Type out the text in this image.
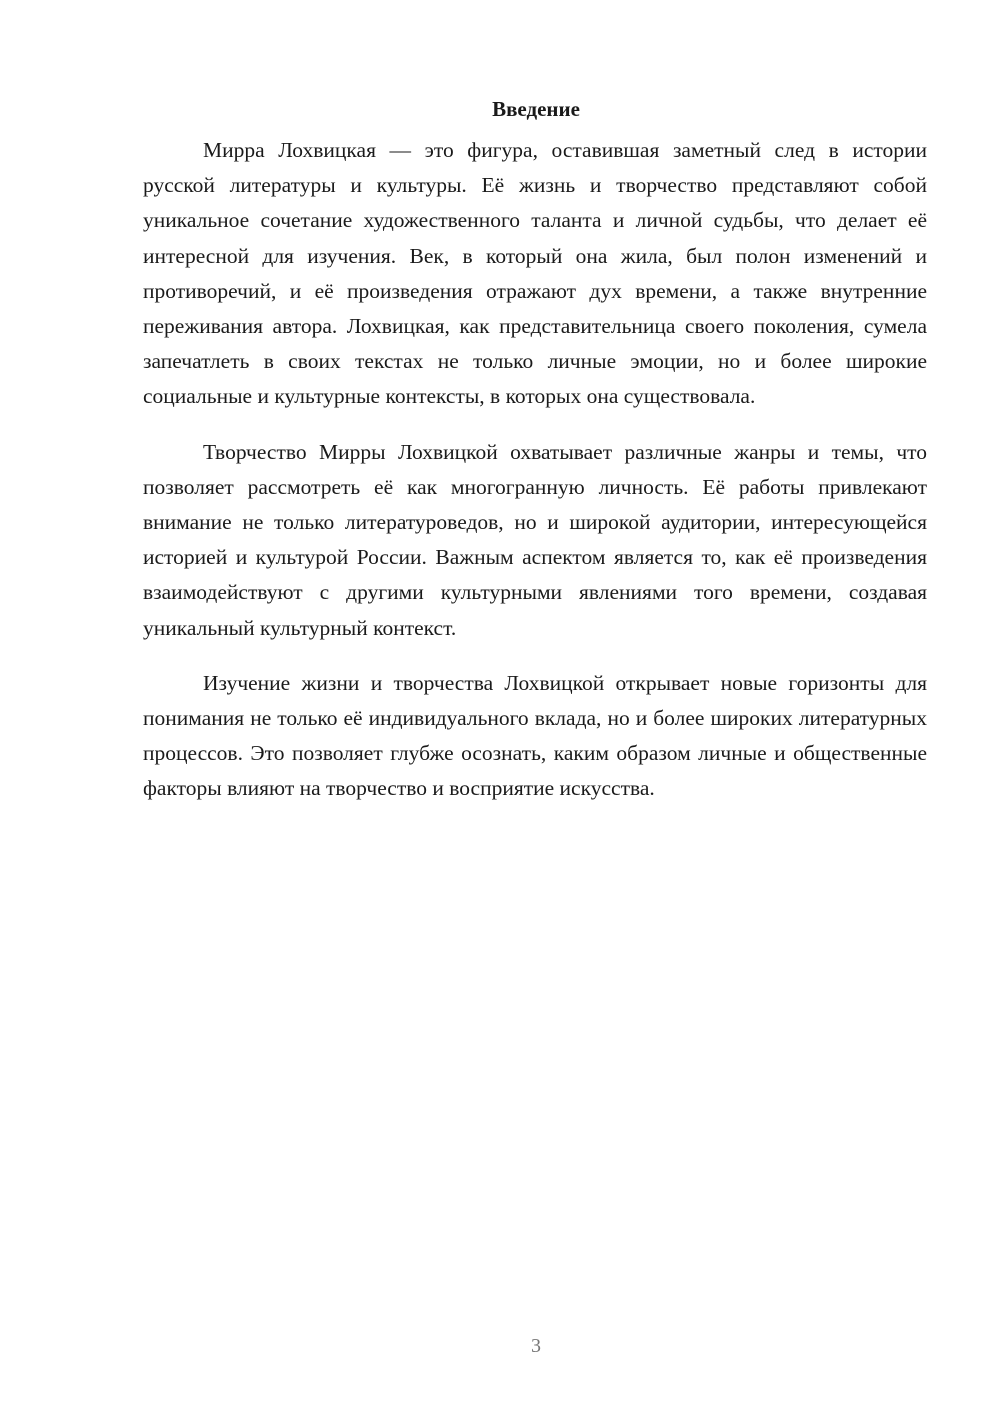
Введение

Мирра Лохвицкая — это фигура, оставившая заметный след в истории русской литературы и культуры. Её жизнь и творчество представляют собой уникальное сочетание художественного таланта и личной судьбы, что делает её интересной для изучения. Век, в который она жила, был полон изменений и противоречий, и её произведения отражают дух времени, а также внутренние переживания автора. Лохвицкая, как представительница своего поколения, сумела запечатлеть в своих текстах не только личные эмоции, но и более широкие социальные и культурные контексты, в которых она существовала.

Творчество Мирры Лохвицкой охватывает различные жанры и темы, что позволяет рассмотреть её как многогранную личность. Её работы привлекают внимание не только литературоведов, но и широкой аудитории, интересующейся историей и культурой России. Важным аспектом является то, как её произведения взаимодействуют с другими культурными явлениями того времени, создавая уникальный культурный контекст.

Изучение жизни и творчества Лохвицкой открывает новые горизонты для понимания не только её индивидуального вклада, но и более широких литературных процессов. Это позволяет глубже осознать, каким образом личные и общественные факторы влияют на творчество и восприятие искусства.

3
